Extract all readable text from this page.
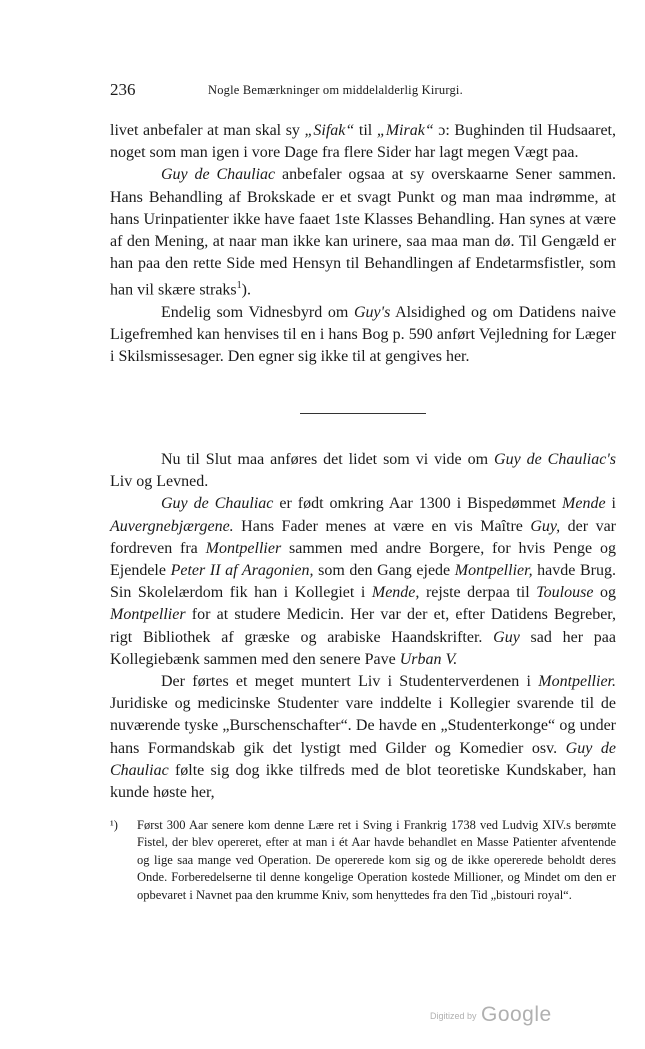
236	Nogle Bemærkninger om middelalderlig Kirurgi.

livet anbefaler at man skal sy „Sifak“ til „Mirak“ ɔ: Bughinden til Hudsaaret, noget som man igen i vore Dage fra flere Sider har lagt megen Vægt paa.

Guy de Chauliac anbefaler ogsaa at sy overskaarne Sener sammen. Hans Behandling af Brokskade er et svagt Punkt og man maa indrømme, at hans Urinpatienter ikke have faaet 1ste Klasses Behandling. Han synes at være af den Mening, at naar man ikke kan urinere, saa maa man dø. Til Gengæld er han paa den rette Side med Hensyn til Behandlingen af Endetarmsfistler, som han vil skære straks$^1$).

Endelig som Vidnesbyrd om Guy's Alsidighed og om Datidens naive Ligefremhed kan henvises til en i hans Bog p. 590 anført Vejledning for Læger i Skilsmissesager. Den egner sig ikke til at gengives her.

Nu til Slut maa anføres det lidet som vi vide om Guy de Chauliac's Liv og Levned.

Guy de Chauliac er født omkring Aar 1300 i Bispedømmet Mende i Auvergnebjærgene. Hans Fader menes at være en vis Maître Guy, der var fordreven fra Montpellier sammen med andre Borgere, for hvis Penge og Ejendele Peter II af Aragonien, som den Gang ejede Montpellier, havde Brug. Sin Skolelærdom fik han i Kollegiet i Mende, rejste derpaa til Toulouse og Montpellier for at studere Medicin. Her var der et, efter Datidens Begreber, rigt Bibliothek af græske og arabiske Haandskrifter. Guy sad her paa Kollegiebænk sammen med den senere Pave Urban V.

Der førtes et meget muntert Liv i Studenterverdenen i Montpellier. Juridiske og medicinske Studenter vare inddelte i Kollegier svarende til de nuværende tyske „Burschenschafter“. De havde en „Studenterkonge“ og under hans Formandskab gik det lystigt med Gilder og Komedier osv. Guy de Chauliac følte sig dog ikke tilfreds med de blot teoretiske Kundskaber, han kunde høste her,

¹) Først 300 Aar senere kom denne Lære ret i Sving i Frankrig 1738 ved Ludvig XIV.s berømte Fistel, der blev opereret, efter at man i ét Aar havde behandlet en Masse Patienter afventende og lige saa mange ved Operation. De opererede kom sig og de ikke opererede beholdt deres Onde. Forberedelserne til denne kongelige Operation kostede Millioner, og Mindet om den er opbevaret i Navnet paa den krumme Kniv, som henyttedes fra den Tid „bistouri royal“.
Digitized by Google
